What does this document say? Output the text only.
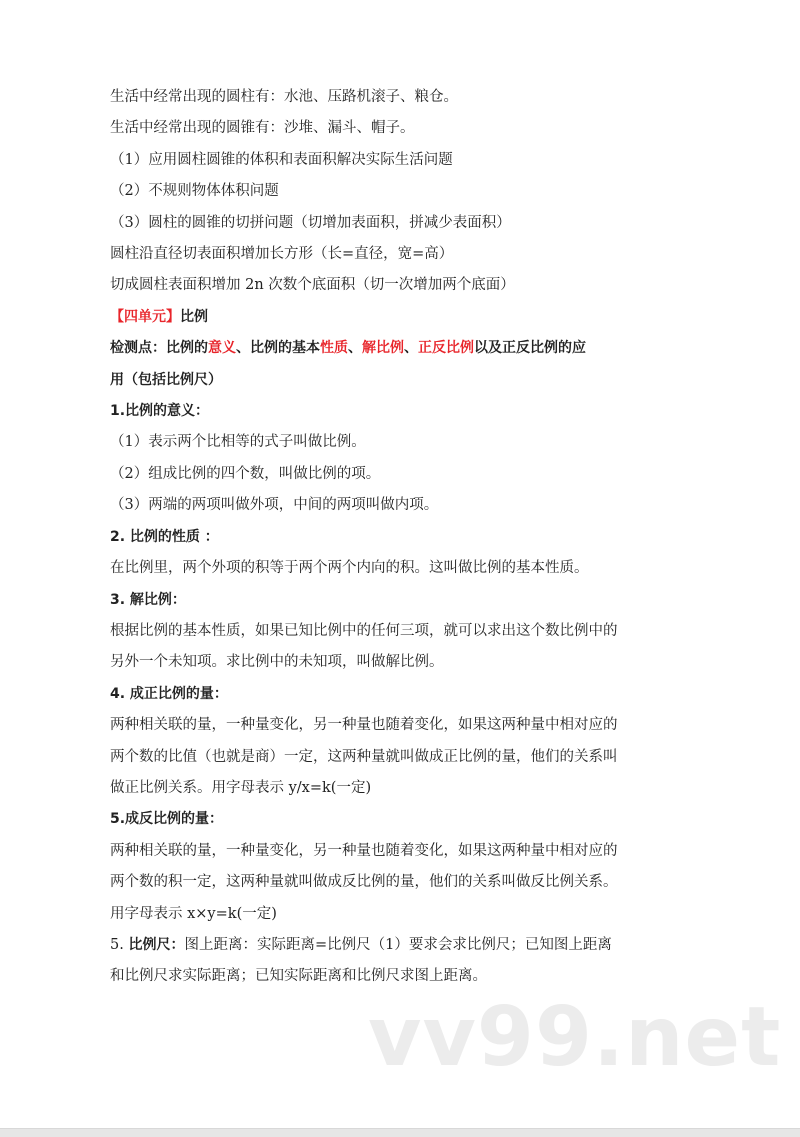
生活中经常出现的圆柱有：水池、压路机滚子、粮仓。
生活中经常出现的圆锥有：沙堆、漏斗、帽子。
（1）应用圆柱圆锥的体积和表面积解决实际生活问题
（2）不规则物体体积问题
（3）圆柱的圆锥的切拼问题（切增加表面积，拼减少表面积）
圆柱沿直径切表面积增加长方形（长=直径，宽=高）
切成圆柱表面积增加 2n 次数个底面积（切一次增加两个底面）
【四单元】比例
检测点：比例的意义、比例的基本性质、解比例、正反比例以及正反比例的应
用（包括比例尺）
1.比例的意义：
（1）表示两个比相等的式子叫做比例。
（2）组成比例的四个数，叫做比例的项。
（3）两端的两项叫做外项，中间的两项叫做内项。
2. 比例的性质 ：
在比例里，两个外项的积等于两个两个内向的积。这叫做比例的基本性质。
3. 解比例：
根据比例的基本性质，如果已知比例中的任何三项，就可以求出这个数比例中的
另外一个未知项。求比例中的未知项，叫做解比例。
4. 成正比例的量：
两种相关联的量，一种量变化，另一种量也随着变化，如果这两种量中相对应的
两个数的比值（也就是商）一定，这两种量就叫做成正比例的量，他们的关系叫
做正比例关系。用字母表示 y/x=k(一定)
5.成反比例的量：
两种相关联的量，一种量变化，另一种量也随着变化，如果这两种量中相对应的
两个数的积一定，这两种量就叫做成反比例的量，他们的关系叫做反比例关系。
用字母表示 x×y=k(一定)
5. 比例尺：图上距离：实际距离=比例尺（1）要求会求比例尺；已知图上距离
和比例尺求实际距离；已知实际距离和比例尺求图上距离。
vv99.net
